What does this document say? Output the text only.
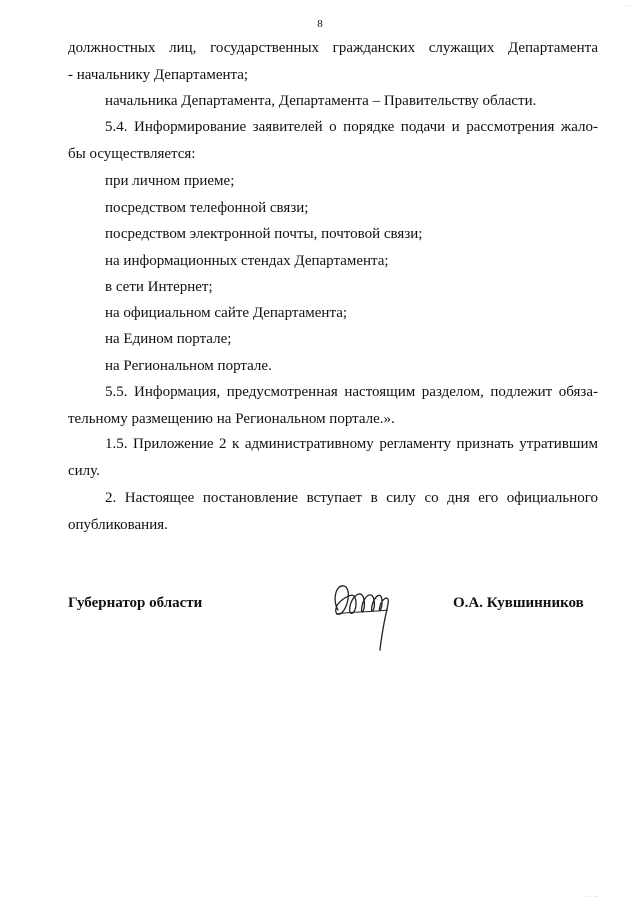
8
должностных лиц, государственных гражданских служащих Департамента
- начальнику Департамента;
начальника Департамента, Департамента – Правительству области.
5.4. Информирование заявителей о порядке подачи и рассмотрения жало-
бы осуществляется:
при личном приеме;
посредством телефонной связи;
посредством электронной почты, почтовой связи;
на информационных стендах Департамента;
в сети Интернет;
на официальном сайте Департамента;
на Едином портале;
на Региональном портале.
5.5. Информация, предусмотренная настоящим разделом, подлежит обяза-
тельному размещению на Региональном портале.».
1.5. Приложение 2 к административному регламенту признать утратившим
силу.
2. Настоящее постановление вступает в силу со дня его официального
опубликования.
Губернатор области	О.А. Кувшинников
· ·
· · ··
